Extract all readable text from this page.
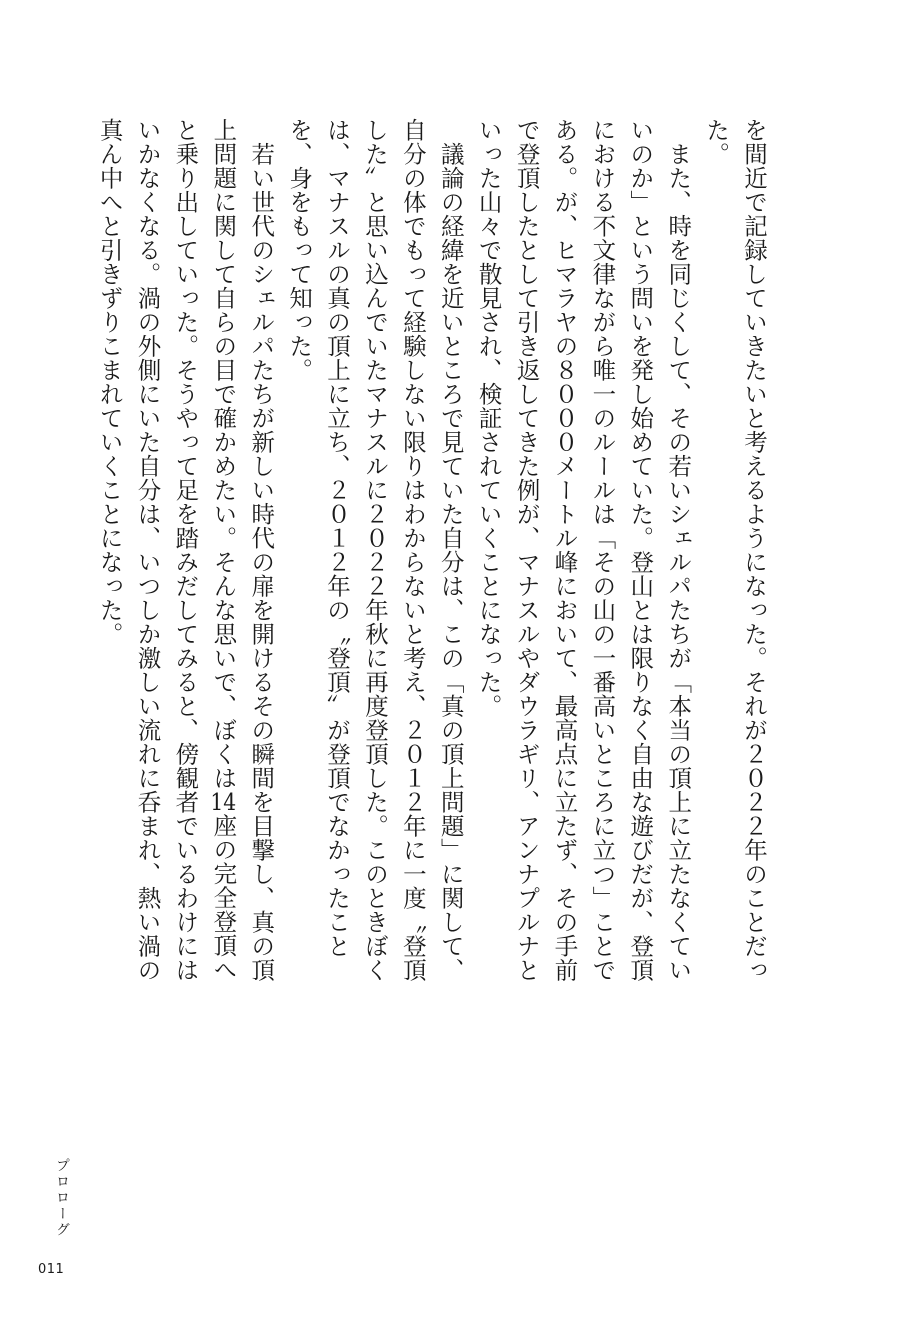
を間近で記録していきたいと考えるようになった。それが２０２２年のことだった。

　また、時を同じくして、その若いシェルパたちが「本当の頂上に立たなくていいのか」という問いを発し始めていた。登山とは限りなく自由な遊びだが、登頂における不文律ながら唯一のルールは「その山の一番高いところに立つ」ことである。が、ヒマラヤの８０００メートル峰において、最高点に立たず、その手前で登頂したとして引き返してきた例が、マナスルやダウラギリ、アンナプルナといった山々で散見され、検証されていくことになった。

　議論の経緯を近いところで見ていた自分は、この「真の頂上問題」に関して、自分の体でもって経験しない限りはわからないと考え、２０１２年に一度〝登頂した〟と思い込んでいたマナスルに２０２２年秋に再度登頂した。このときぼくは、マナスルの真の頂上に立ち、２０１２年の〝登頂〟が登頂でなかったことを、身をもって知った。

　若い世代のシェルパたちが新しい時代の扉を開けるその瞬間を目撃し、真の頂上問題に関して自らの目で確かめたい。そんな思いで、ぼくは14座の完全登頂へと乗り出していった。そうやって足を踏みだしてみると、傍観者でいるわけにはいかなくなる。渦の外側にいた自分は、いつしか激しい流れに呑まれ、熱い渦の真ん中へと引きずりこまれていくことになった。

プロローグ
011
